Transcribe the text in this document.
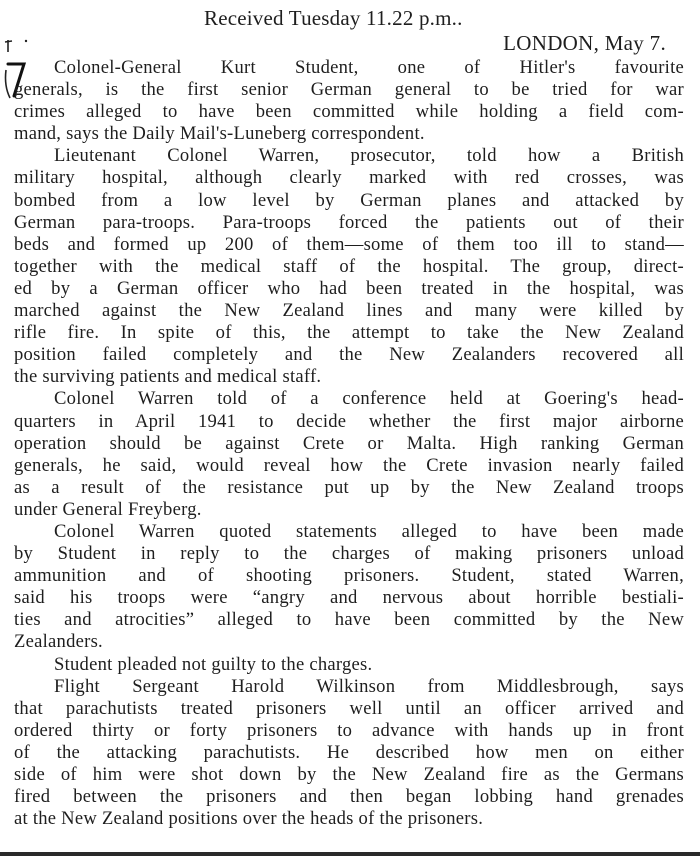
Received Tuesday 11.22 p.m..
LONDON, May 7.
Colonel-General Kurt Student, one of Hitler's favourite
generals, is the first senior German general to be tried for war
crimes alleged to have been committed while holding a field com-
mand, says the Daily Mail's-Luneberg correspondent.
Lieutenant Colonel Warren, prosecutor, told how a British
military hospital, although clearly marked with red crosses, was
bombed from a low level by German planes and attacked by
German para-troops. Para-troops forced the patients out of their
beds and formed up 200 of them—some of them too ill to stand—
together with the medical staff of the hospital. The group, direct-
ed by a German officer who had been treated in the hospital, was
marched against the New Zealand lines and many were killed by
rifle fire. In spite of this, the attempt to take the New Zealand
position failed completely and the New Zealanders recovered all
the surviving patients and medical staff.
Colonel Warren told of a conference held at Goering's head-
quarters in April 1941 to decide whether the first major airborne
operation should be against Crete or Malta. High ranking German
generals, he said, would reveal how the Crete invasion nearly failed
as a result of the resistance put up by the New Zealand troops
under General Freyberg.
Colonel Warren quoted statements alleged to have been made
by Student in reply to the charges of making prisoners unload
ammunition and of shooting prisoners. Student, stated Warren,
said his troops were “angry and nervous about horrible bestiali-
ties and atrocities” alleged to have been committed by the New
Zealanders.
Student pleaded not guilty to the charges.
Flight Sergeant Harold Wilkinson from Middlesbrough, says
that parachutists treated prisoners well until an officer arrived and
ordered thirty or forty prisoners to advance with hands up in front
of the attacking parachutists. He described how men on either
side of him were shot down by the New Zealand fire as the Germans
fired between the prisoners and then began lobbing hand grenades
at the New Zealand positions over the heads of the prisoners.
